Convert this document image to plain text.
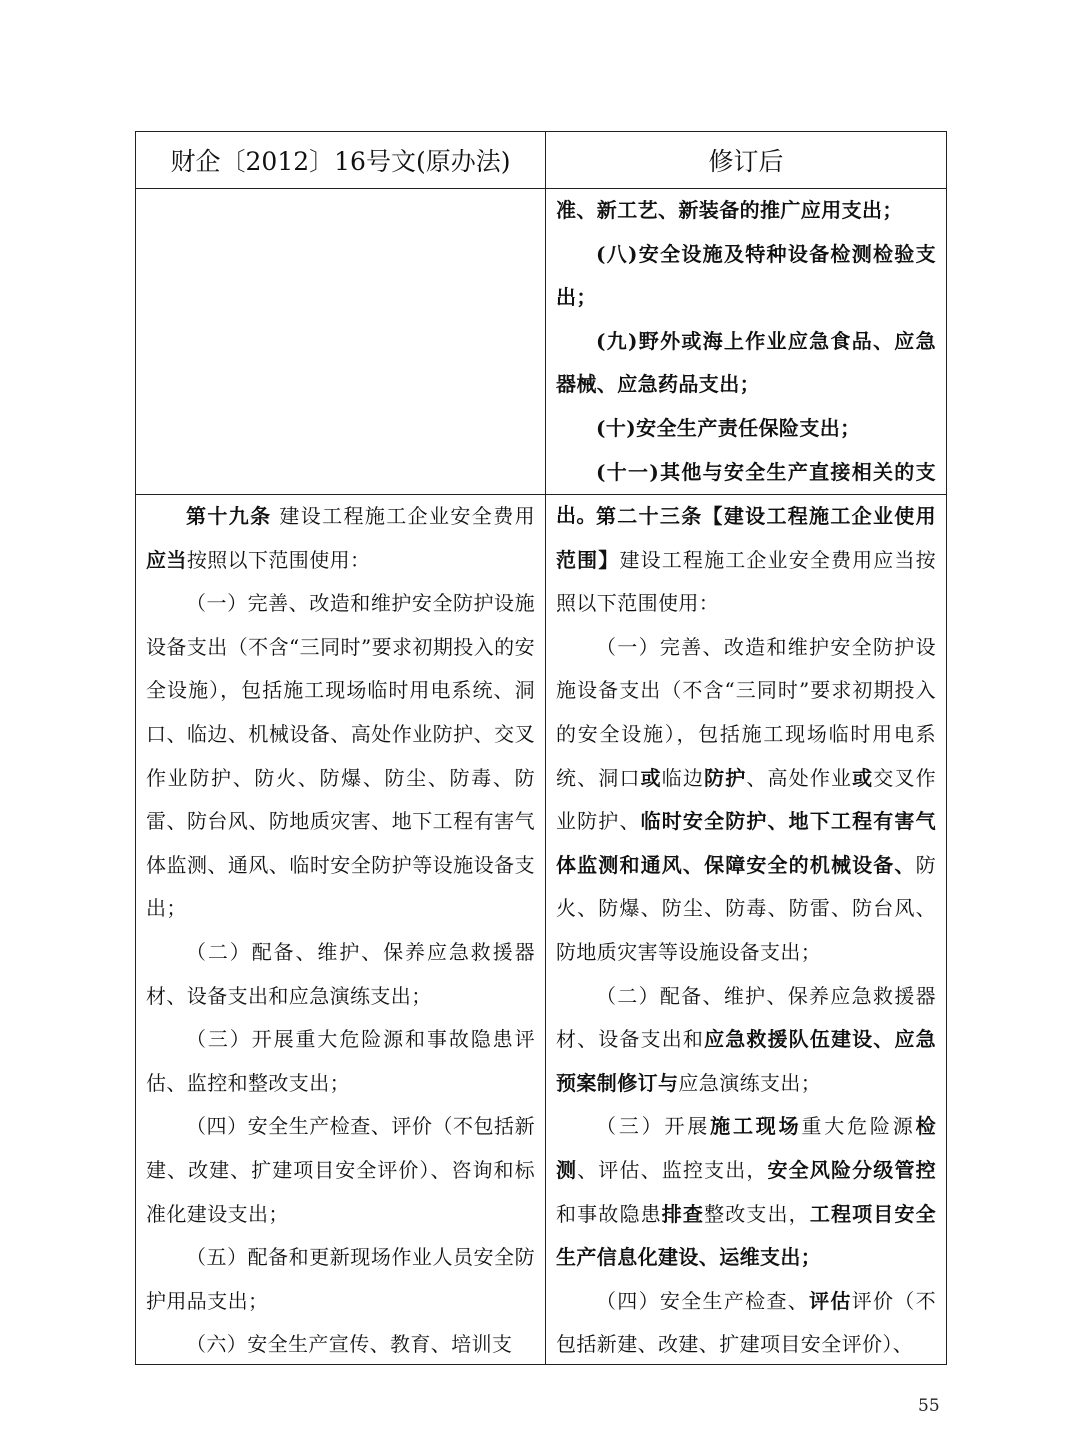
财企〔2012〕16号文(原办法)	修订后

准、新工艺、新装备的推广应用支出；

(八)安全设施及特种设备检测检验支出；

(九)野外或海上作业应急食品、应急器械、应急药品支出；

(十)安全生产责任保险支出；

(十一)其他与安全生产直接相关的支出。

第十九条 建设工程施工企业安全费用应当按照以下范围使用：

（一）完善、改造和维护安全防护设施设备支出（不含“三同时”要求初期投入的安全设施），包括施工现场临时用电系统、洞口、临边、机械设备、高处作业防护、交叉作业防护、防火、防爆、防尘、防毒、防雷、防台风、防地质灾害、地下工程有害气体监测、通风、临时安全防护等设施设备支出；

（二）配备、维护、保养应急救援器材、设备支出和应急演练支出；

（三）开展重大危险源和事故隐患评估、监控和整改支出；

（四）安全生产检查、评价（不包括新建、改建、扩建项目安全评价）、咨询和标准化建设支出；

（五）配备和更新现场作业人员安全防护用品支出；

（六）安全生产宣传、教育、培训支

第二十三条【建设工程施工企业使用范围】建设工程施工企业安全费用应当按照以下范围使用：

（一）完善、改造和维护安全防护设施设备支出（不含“三同时”要求初期投入的安全设施），包括施工现场临时用电系统、洞口或临边防护、高处作业或交叉作业防护、临时安全防护、地下工程有害气体监测和通风、保障安全的机械设备、防火、防爆、防尘、防毒、防雷、防台风、防地质灾害等设施设备支出；

（二）配备、维护、保养应急救援器材、设备支出和应急救援队伍建设、应急预案制修订与应急演练支出；

（三）开展施工现场重大危险源检测、评估、监控支出，安全风险分级管控和事故隐患排查整改支出，工程项目安全生产信息化建设、运维支出；

（四）安全生产检查、评估评价（不包括新建、改建、扩建项目安全评价）、

55
